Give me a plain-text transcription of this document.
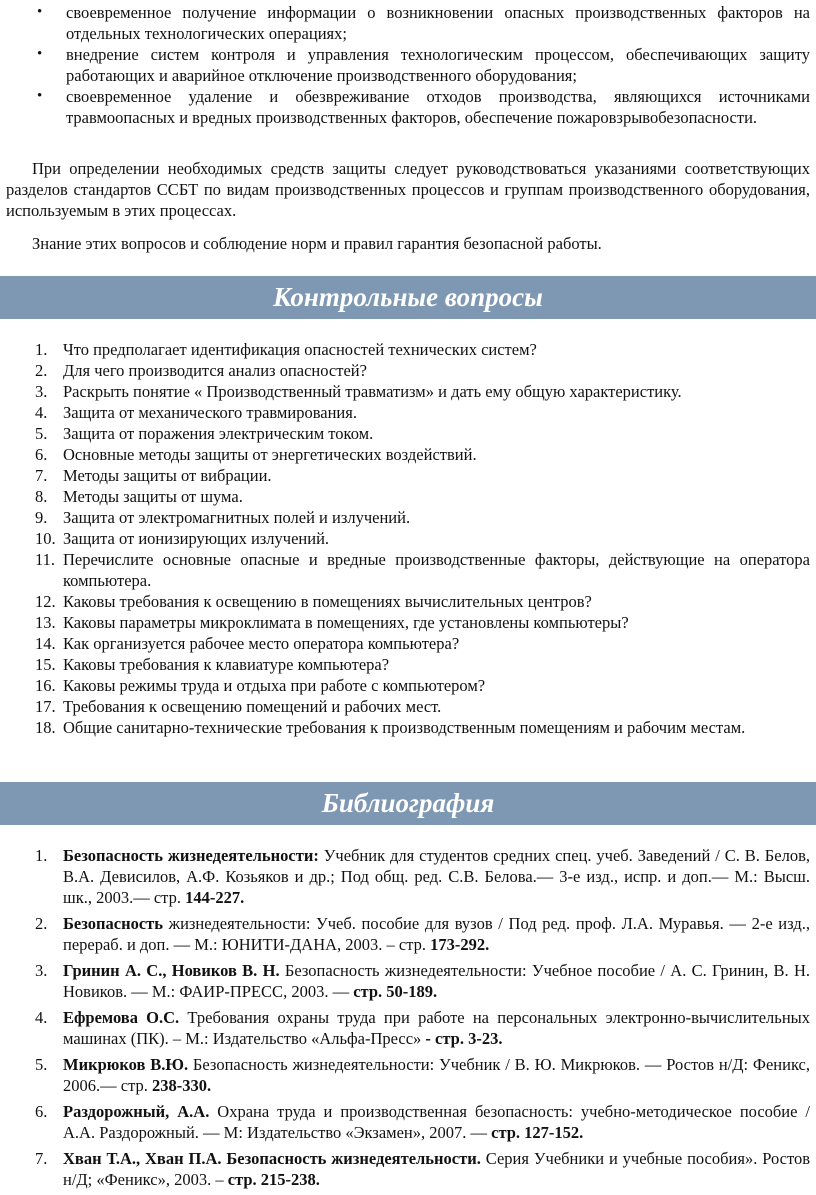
• своевременное получение информации о возникновении опасных производственных факторов на отдельных технологических операциях;
• внедрение систем контроля и управления технологическим процессом, обеспечивающих защиту работающих и аварийное отключение производственного оборудования;
• своевременное удаление и обезвреживание отходов производства, являющихся источниками травмоопасных и вредных производственных факторов, обеспечение пожаровзрывобезопасности.

При определении необходимых средств защиты следует руководствоваться указаниями соответствующих разделов стандартов ССБТ по видам производственных процессов и группам производственного оборудования, используемым в этих процессах.

Знание этих вопросов и соблюдение норм и правил гарантия безопасной работы.

Контрольные вопросы
1. Что предполагает идентификация опасностей технических систем?
2. Для чего производится анализ опасностей?
3. Раскрыть понятие « Производственный травматизм» и дать ему общую характеристику.
4. Защита от механического травмирования.
5. Защита от поражения электрическим током.
6. Основные методы защиты от энергетических воздействий.
7. Методы защиты от вибрации.
8. Методы защиты от шума.
9. Защита от электромагнитных полей и излучений.
10. Защита от ионизирующих излучений.
11. Перечислите основные опасные и вредные производственные факторы, действующие на оператора компьютера.
12. Каковы требования к освещению в помещениях вычислительных центров?
13. Каковы параметры микроклимата в помещениях, где установлены компьютеры?
14. Как организуется рабочее место оператора компьютера?
15. Каковы требования к клавиатуре компьютера?
16. Каковы режимы труда и отдыха при работе с компьютером?
17. Требования к освещению помещений и рабочих мест.
18. Общие санитарно-технические требования к производственным помещениям и рабочим местам.
Библиография
1. Безопасность жизнедеятельности: Учебник для студентов средних спец. учеб. Заведений / С. В. Белов, В.А. Девисилов, А.Ф. Козьяков и др.; Под общ. ред. С.В. Белова.— 3-е изд., испр. и доп.— М.: Высш. шк., 2003.— стр. 144-227.
2. Безопасность жизнедеятельности: Учеб. пособие для вузов / Под ред. проф. Л.А. Муравья. — 2-е изд., перераб. и доп. — М.: ЮНИТИ-ДАНА, 2003. – стр. 173-292.
3. Гринин А. С., Новиков В. Н. Безопасность жизнедеятельности: Учебное пособие / А. С. Гринин, В. Н. Новиков. — М.: ФАИР-ПРЕСС, 2003. — стр. 50-189.
4. Ефремова О.С. Требования охраны труда при работе на персональных электронно-вычислительных машинах (ПК). – М.: Издательство «Альфа-Пресс» - стр. 3-23.
5. Микрюков В.Ю. Безопасность жизнедеятельности: Учебник / В. Ю. Микрюков. — Ростов н/Д: Феникс, 2006.— стр. 238-330.
6. Раздорожный, А.А. Охрана труда и производственная безопасность: учебно-методическое пособие / А.А. Раздорожный. — М: Издательство «Экзамен», 2007. — стр. 127-152.
7. Хван Т.А., Хван П.А. Безопасность жизнедеятельности. Серия Учебники и учебные пособия». Ростов н/Д; «Феникс», 2003. – стр. 215-238.
